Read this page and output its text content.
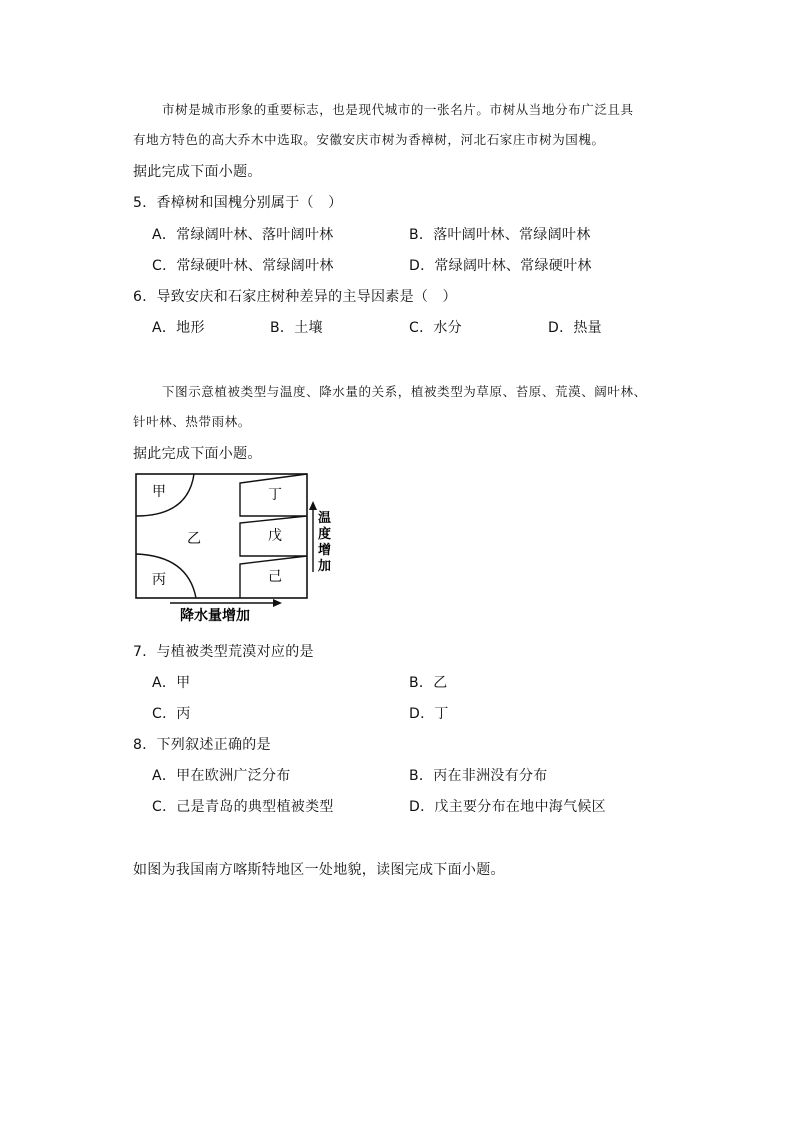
市树是城市形象的重要标志，也是现代城市的一张名片。市树从当地分布广泛且具
有地方特色的高大乔木中选取。安徽安庆市树为香樟树，河北石家庄市树为国槐。
据此完成下面小题。
5．香樟树和国槐分别属于（　）
A．常绿阔叶林、落叶阔叶林	B．落叶阔叶林、常绿阔叶林
C．常绿硬叶林、常绿阔叶林	D．常绿阔叶林、常绿硬叶林
6．导致安庆和石家庄树种差异的主导因素是（　）
A．地形	B．土壤	C．水分	D．热量
下图示意植被类型与温度、降水量的关系，植被类型为草原、苔原、荒漠、阔叶林、
针叶林、热带雨林。
据此完成下面小题。
甲
乙
丙
丁
戊
己
温
度
增
加
降水量增加
7．与植被类型荒漠对应的是
A．甲	B．乙
C．丙	D．丁
8．下列叙述正确的是
A．甲在欧洲广泛分布	B．丙在非洲没有分布
C．己是青岛的典型植被类型	D．戊主要分布在地中海气候区
如图为我国南方喀斯特地区一处地貌，读图完成下面小题。
